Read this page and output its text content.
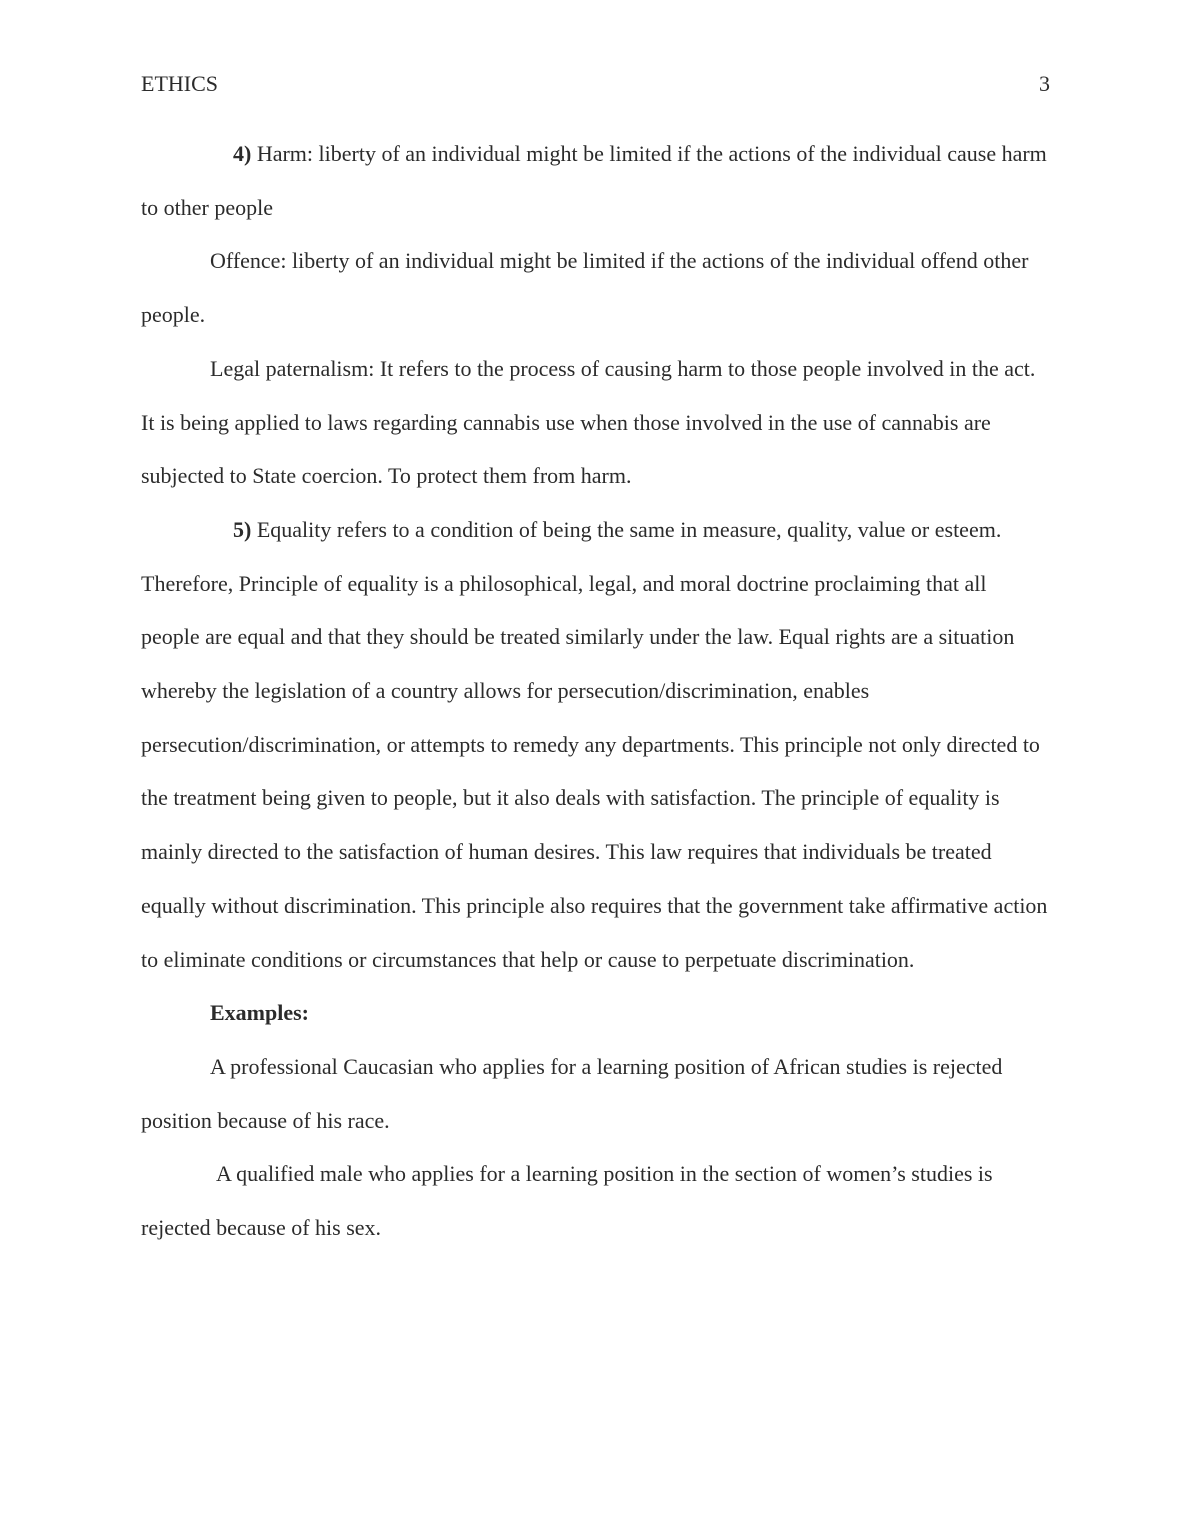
ETHICS	3

4) Harm: liberty of an individual might be limited if the actions of the individual cause harm to other people

Offence: liberty of an individual might be limited if the actions of the individual offend other people.

Legal paternalism: It refers to the process of causing harm to those people involved in the act. It is being applied to laws regarding cannabis use when those involved in the use of cannabis are subjected to State coercion. To protect them from harm.

5) Equality refers to a condition of being the same in measure, quality, value or esteem. Therefore, Principle of equality is a philosophical, legal, and moral doctrine proclaiming that all people are equal and that they should be treated similarly under the law. Equal rights are a situation whereby the legislation of a country allows for persecution/discrimination, enables persecution/discrimination, or attempts to remedy any departments. This principle not only directed to the treatment being given to people, but it also deals with satisfaction. The principle of equality is mainly directed to the satisfaction of human desires. This law requires that individuals be treated equally without discrimination. This principle also requires that the government take affirmative action to eliminate conditions or circumstances that help or cause to perpetuate discrimination.

Examples:

A professional Caucasian who applies for a learning position of African studies is rejected position because of his race.

A qualified male who applies for a learning position in the section of women’s studies is rejected because of his sex.
